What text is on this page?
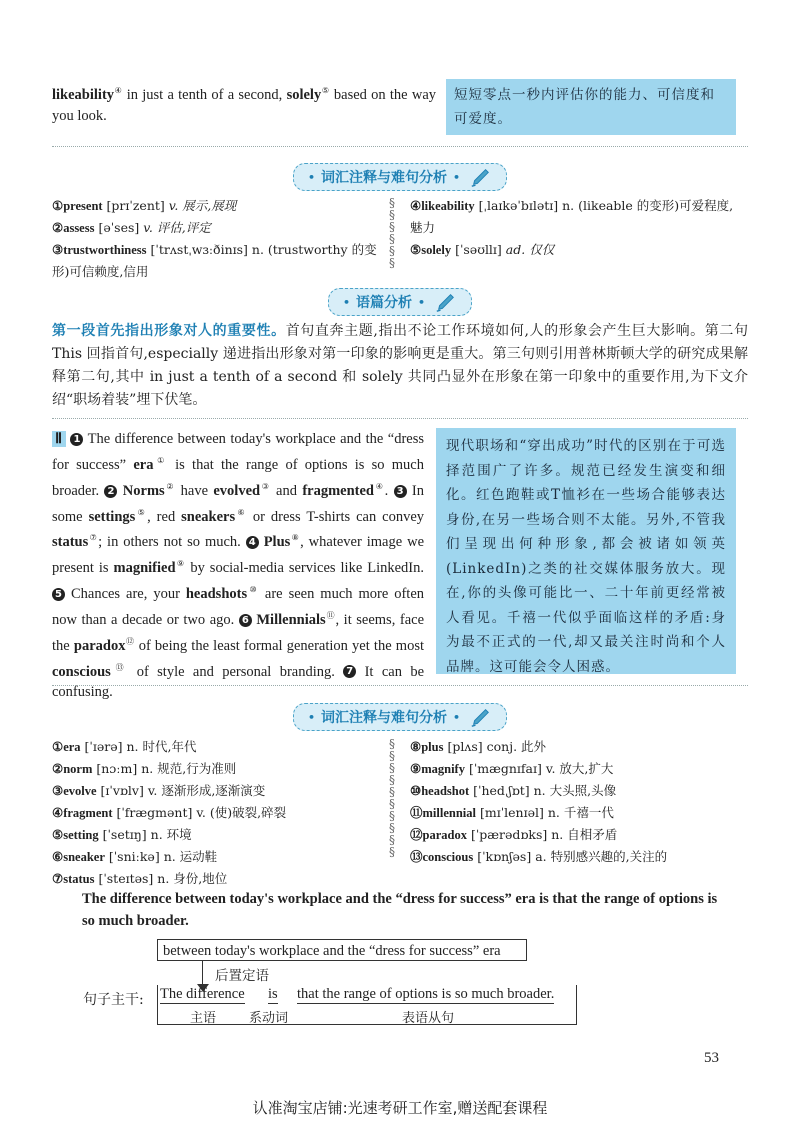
likeability④ in just a tenth of a second, solely⑤ based on the way you look.
短短零点一秒内评估你的能力、可信度和可爱度。
• 词汇注释与难句分析 •
①present [prɪˈzent] v. 展示,展现
②assess [əˈses] v. 评估,评定
③trustworthiness [ˈtrʌstˌwɜːðinɪs] n. (trustworthy 的变形)可信赖度,信用
§
§
§
§
§
§
④likeability [ˌlaɪkəˈbɪlətɪ] n. (likeable 的变形)可爱程度,魅力
⑤solely [ˈsəʊllɪ] ad. 仅仅
• 语篇分析 •
第一段首先指出形象对人的重要性。首句直奔主题,指出不论工作环境如何,人的形象会产生巨大影响。第二句 This 回指首句,especially 递进指出形象对第一印象的影响更是重大。第三句则引用普林斯顿大学的研究成果解释第二句,其中 in just a tenth of a second 和 solely 共同凸显外在形象在第一印象中的重要作用,为下文介绍“职场着装”埋下伏笔。
Ⅱ 1 The difference between today's workplace and the “dress for success” era① is that the range of options is so much broader. 2 Norms② have evolved③ and fragmented④. 3 In some settings⑤, red sneakers⑥ or dress T-shirts can convey status⑦; in others not so much. 4 Plus⑧, whatever image we present is magnified⑨ by social-media services like LinkedIn. 5 Chances are, your headshots⑩ are seen much more often now than a decade or two ago. 6 Millennials⑪, it seems, face the paradox⑫ of being the least formal generation yet the most conscious⑬ of style and personal branding. 7 It can be confusing.
现代职场和“穿出成功”时代的区别在于可选择范围广了许多。规范已经发生演变和细化。红色跑鞋或T恤衫在一些场合能够表达身份,在另一些场合则不太能。另外,不管我们呈现出何种形象,都会被诸如领英(LinkedIn)之类的社交媒体服务放大。现在,你的头像可能比一、二十年前更经常被人看见。千禧一代似乎面临这样的矛盾:身为最不正式的一代,却又最关注时尚和个人品牌。这可能会令人困惑。
• 词汇注释与难句分析 •
①era [ˈɪərə] n. 时代,年代
②norm [nɔːm] n. 规范,行为准则
③evolve [ɪˈvɒlv] v. 逐渐形成,逐渐演变
④fragment [ˈfrægmənt] v. (使)破裂,碎裂
⑤setting [ˈsetɪŋ] n. 环境
⑥sneaker [ˈsniːkə] n. 运动鞋
⑦status [ˈsteɪtəs] n. 身份,地位
§
§
§
§
§
§
§
§
§
§
⑧plus [plʌs] conj. 此外
⑨magnify [ˈmægnɪfaɪ] v. 放大,扩大
⑩headshot [ˈhedˌʃɒt] n. 大头照,头像
⑪millennial [mɪˈlenɪəl] n. 千禧一代
⑫paradox [ˈpærədɒks] n. 自相矛盾
⑬conscious [ˈkɒnʃəs] a. 特别感兴趣的,关注的
The difference between today's workplace and the “dress for success” era is that the range of options is so much broader.
between today's workplace and the “dress for success” era
后置定语
句子主干: The difference is that the range of options is so much broader.
主语	系动词	表语从句
53
认准淘宝店铺:光速考研工作室,赠送配套课程
